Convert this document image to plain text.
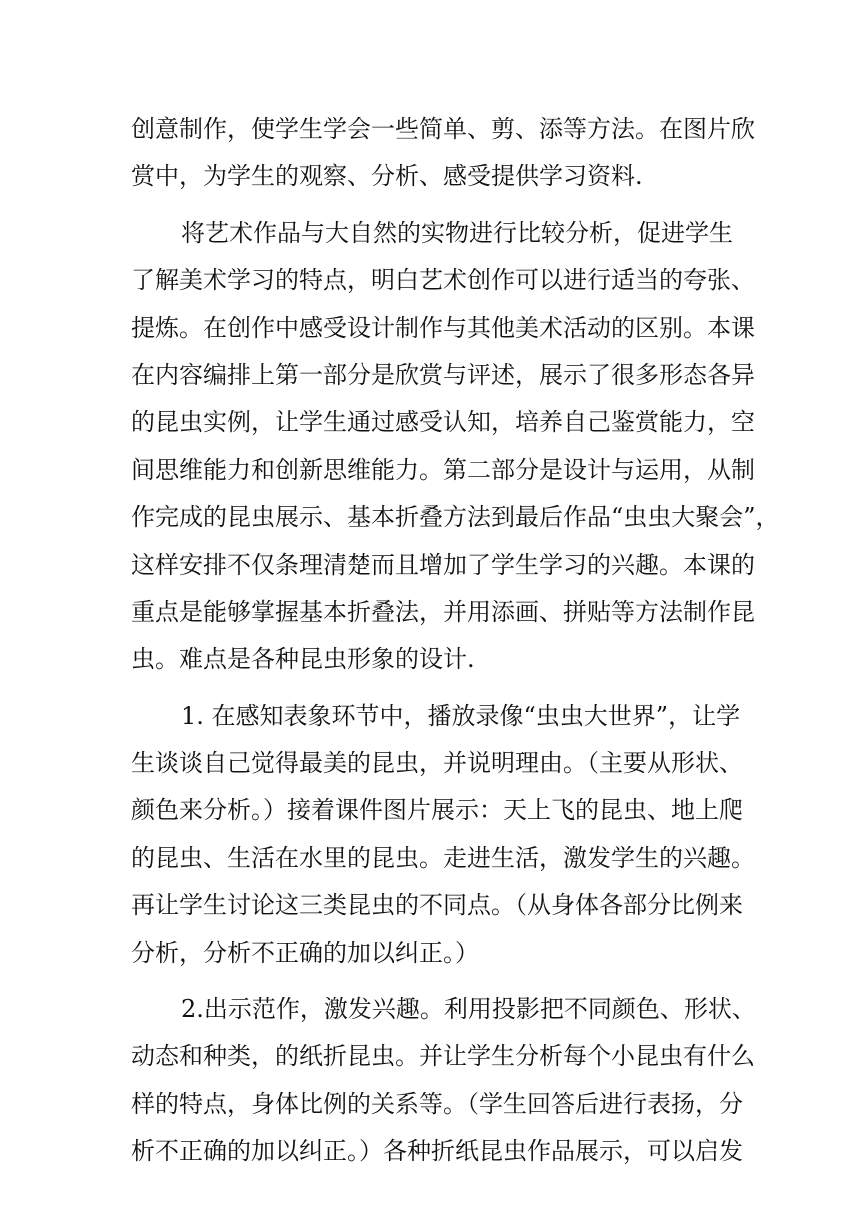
创意制作，使学生学会一些简单、剪、添等方法。在图片欣
赏中，为学生的观察、分析、感受提供学习资料.
将艺术作品与大自然的实物进行比较分析，促进学生
了解美术学习的特点，明白艺术创作可以进行适当的夸张、
提炼。在创作中感受设计制作与其他美术活动的区别。本课
在内容编排上第一部分是欣赏与评述，展示了很多形态各异
的昆虫实例，让学生通过感受认知，培养自己鉴赏能力，空
间思维能力和创新思维能力。第二部分是设计与运用，从制
作完成的昆虫展示、基本折叠方法到最后作品“虫虫大聚会”，
这样安排不仅条理清楚而且增加了学生学习的兴趣。本课的
重点是能够掌握基本折叠法，并用添画、拼贴等方法制作昆
虫。难点是各种昆虫形象的设计.
1. 在感知表象环节中，播放录像“虫虫大世界”，让学
生谈谈自己觉得最美的昆虫，并说明理由。（主要从形状、
颜色来分析。）接着课件图片展示：天上飞的昆虫、地上爬
的昆虫、生活在水里的昆虫。走进生活，激发学生的兴趣。
再让学生讨论这三类昆虫的不同点。（从身体各部分比例来
分析，分析不正确的加以纠正。）
2.出示范作，激发兴趣。利用投影把不同颜色、形状、
动态和种类，的纸折昆虫。并让学生分析每个小昆虫有什么
样的特点，身体比例的关系等。（学生回答后进行表扬，分
析不正确的加以纠正。）各种折纸昆虫作品展示，可以启发
